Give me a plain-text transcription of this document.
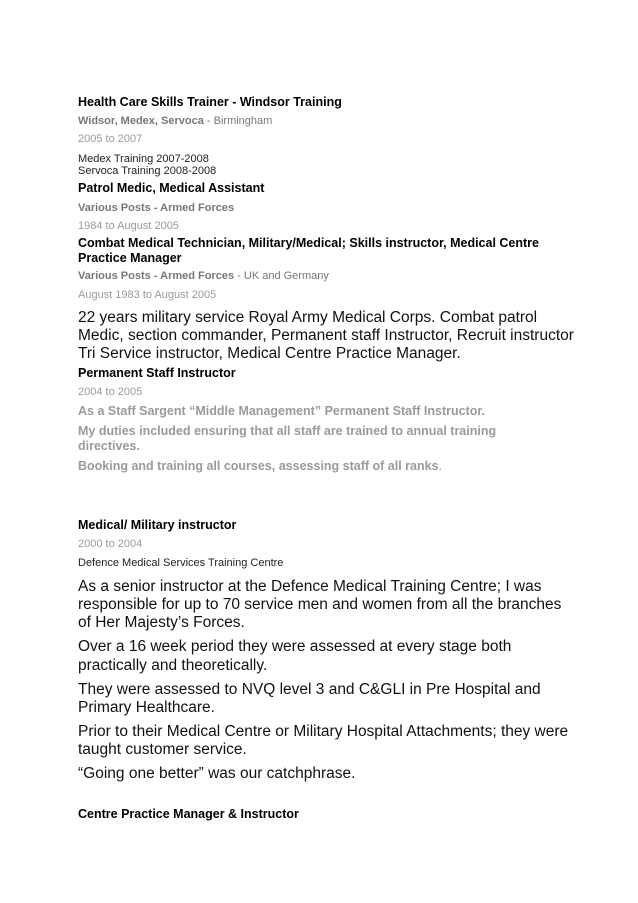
Health Care Skills Trainer - Windsor Training
Widsor, Medex, Servoca - Birmingham
2005 to 2007
Medex Training 2007-2008
Servoca Training 2008-2008
Patrol Medic, Medical Assistant
Various Posts - Armed Forces
1984 to August 2005
Combat Medical Technician, Military/Medical; Skills instructor, Medical Centre
Practice Manager
Various Posts - Armed Forces - UK and Germany
August 1983 to August 2005
22 years military service Royal Army Medical Corps. Combat patrol
Medic, section commander, Permanent staff Instructor, Recruit instructor
Tri Service instructor, Medical Centre Practice Manager.
Permanent Staff Instructor
2004 to 2005
As a Staff Sargent “Middle Management” Permanent Staff Instructor.
My duties included ensuring that all staff are trained to annual training
directives.
Booking and training all courses, assessing staff of all ranks.
Medical/ Military instructor
2000 to 2004
Defence Medical Services Training Centre
As a senior instructor at the Defence Medical Training Centre; I was
responsible for up to 70 service men and women from all the branches
of Her Majesty’s Forces.
Over a 16 week period they were assessed at every stage both
practically and theoretically.
They were assessed to NVQ level 3 and C&GLI in Pre Hospital and
Primary Healthcare.
Prior to their Medical Centre or Military Hospital Attachments; they were
taught customer service.
“Going one better” was our catchphrase.
Centre Practice Manager & Instructor
